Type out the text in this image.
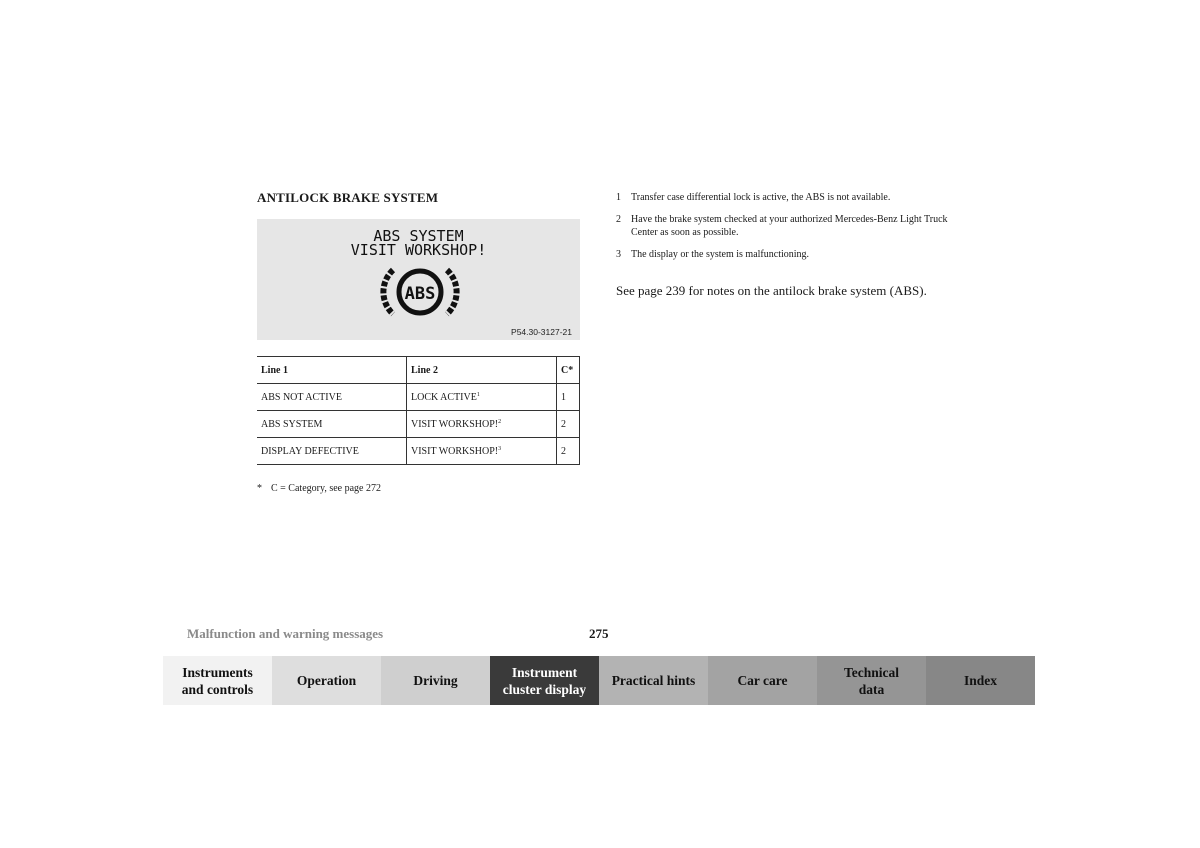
ANTILOCK BRAKE SYSTEM
ABS SYSTEM
VISIT WORKSHOP!
ABS
P54.30-3127-21
Line 1	Line 2	C*
ABS NOT ACTIVE	LOCK ACTIVE$^1$	1
ABS SYSTEM	VISIT WORKSHOP!$^2$	2
DISPLAY DEFECTIVE	VISIT WORKSHOP!$^3$	2
* C = Category, see page 272
1	Transfer case differential lock is active, the ABS is not available.
2	Have the brake system checked at your authorized Mercedes-Benz Light Truck Center as soon as possible.
3	The display or the system is malfunctioning.
See page 239 for notes on the antilock brake system (ABS).
Malfunction and warning messages	275
Instruments
and controls
Operation	Driving
Instrument
cluster display
Practical hints	Car care
Technical
data
Index
